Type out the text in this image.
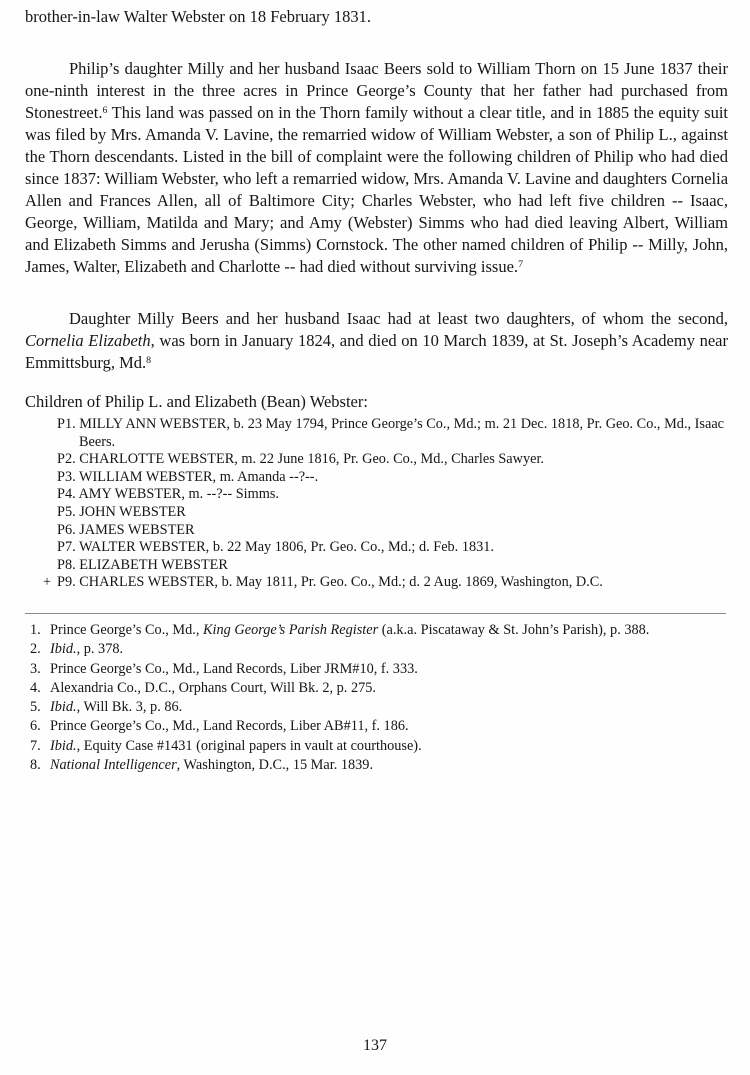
brother-in-law Walter Webster on 18 February 1831.

Philip’s daughter Milly and her husband Isaac Beers sold to William Thorn on 15 June 1837 their one-ninth interest in the three acres in Prince George’s County that her father had purchased from Stonestreet.$^6$ This land was passed on in the Thorn family without a clear title, and in 1885 the equity suit was filed by Mrs. Amanda V. Lavine, the remarried widow of William Webster, a son of Philip L., against the Thorn descendants. Listed in the bill of complaint were the following children of Philip who had died since 1837: William Webster, who left a remarried widow, Mrs. Amanda V. Lavine and daughters Cornelia Allen and Frances Allen, all of Baltimore City; Charles Webster, who had left five children -- Isaac, George, William, Matilda and Mary; and Amy (Webster) Simms who had died leaving Albert, William and Elizabeth Simms and Jerusha (Simms) Cornstock. The other named children of Philip -- Milly, John, James, Walter, Elizabeth and Charlotte -- had died without surviving issue.$^7$

Daughter Milly Beers and her husband Isaac had at least two daughters, of whom the second, Cornelia Elizabeth, was born in January 1824, and died on 10 March 1839, at St. Joseph’s Academy near Emmittsburg, Md.$^8$

Children of Philip L. and Elizabeth (Bean) Webster:

P1. MILLY ANN WEBSTER, b. 23 May 1794, Prince George’s Co., Md.; m. 21 Dec. 1818, Pr. Geo. Co., Md., Isaac Beers.
P2. CHARLOTTE WEBSTER, m. 22 June 1816, Pr. Geo. Co., Md., Charles Sawyer.
P3. WILLIAM WEBSTER, m. Amanda --?--.
P4. AMY WEBSTER, m. --?-- Simms.
P5. JOHN WEBSTER
P6. JAMES WEBSTER
P7. WALTER WEBSTER, b. 22 May 1806, Pr. Geo. Co., Md.; d. Feb. 1831.
P8. ELIZABETH WEBSTER
+ P9. CHARLES WEBSTER, b. May 1811, Pr. Geo. Co., Md.; d. 2 Aug. 1869, Washington, D.C.
1. Prince George’s Co., Md., King George’s Parish Register (a.k.a. Piscataway & St. John’s Parish), p. 388.
2. Ibid., p. 378.
3. Prince George’s Co., Md., Land Records, Liber JRM#10, f. 333.
4. Alexandria Co., D.C., Orphans Court, Will Bk. 2, p. 275.
5. Ibid., Will Bk. 3, p. 86.
6. Prince George’s Co., Md., Land Records, Liber AB#11, f. 186.
7. Ibid., Equity Case #1431 (original papers in vault at courthouse).
8. National Intelligencer, Washington, D.C., 15 Mar. 1839.
137
